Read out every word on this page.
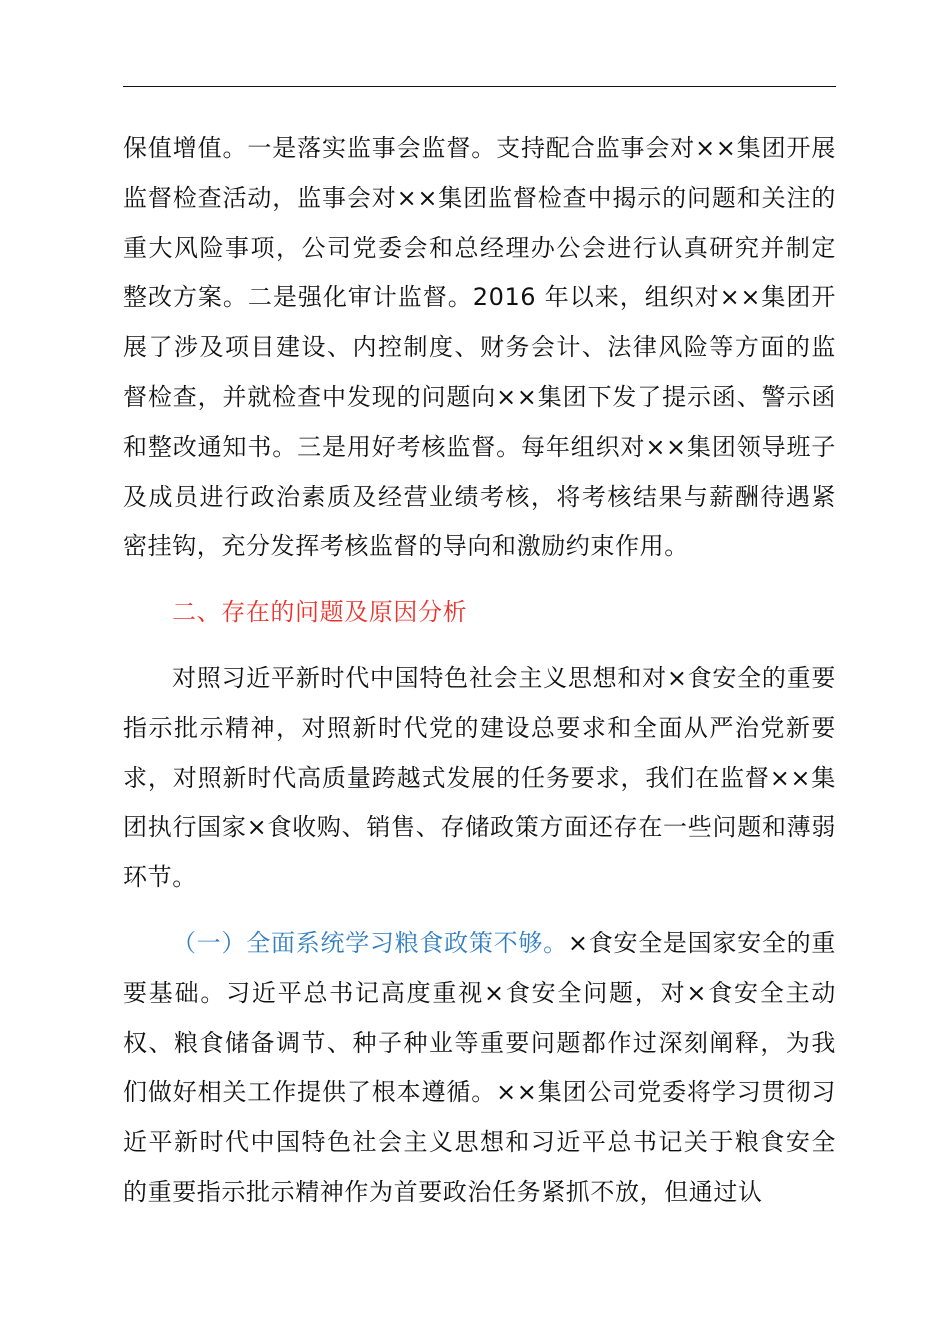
保值增值。一是落实监事会监督。支持配合监事会对××集团开展监督检查活动，监事会对××集团监督检查中揭示的问题和关注的重大风险事项，公司党委会和总经理办公会进行认真研究并制定整改方案。二是强化审计监督。2016 年以来，组织对××集团开展了涉及项目建设、内控制度、财务会计、法律风险等方面的监督检查，并就检查中发现的问题向××集团下发了提示函、警示函和整改通知书。三是用好考核监督。每年组织对××集团领导班子及成员进行政治素质及经营业绩考核，将考核结果与薪酬待遇紧密挂钩，充分发挥考核监督的导向和激励约束作用。

二、存在的问题及原因分析

对照习近平新时代中国特色社会主义思想和对×食安全的重要指示批示精神，对照新时代党的建设总要求和全面从严治党新要求，对照新时代高质量跨越式发展的任务要求，我们在监督××集团执行国家×食收购、销售、存储政策方面还存在一些问题和薄弱环节。

（一）全面系统学习粮食政策不够。×食安全是国家安全的重要基础。习近平总书记高度重视×食安全问题，对×食安全主动权、粮食储备调节、种子种业等重要问题都作过深刻阐释，为我们做好相关工作提供了根本遵循。××集团公司党委将学习贯彻习近平新时代中国特色社会主义思想和习近平总书记关于粮食安全的重要指示批示精神作为首要政治任务紧抓不放，但通过认
